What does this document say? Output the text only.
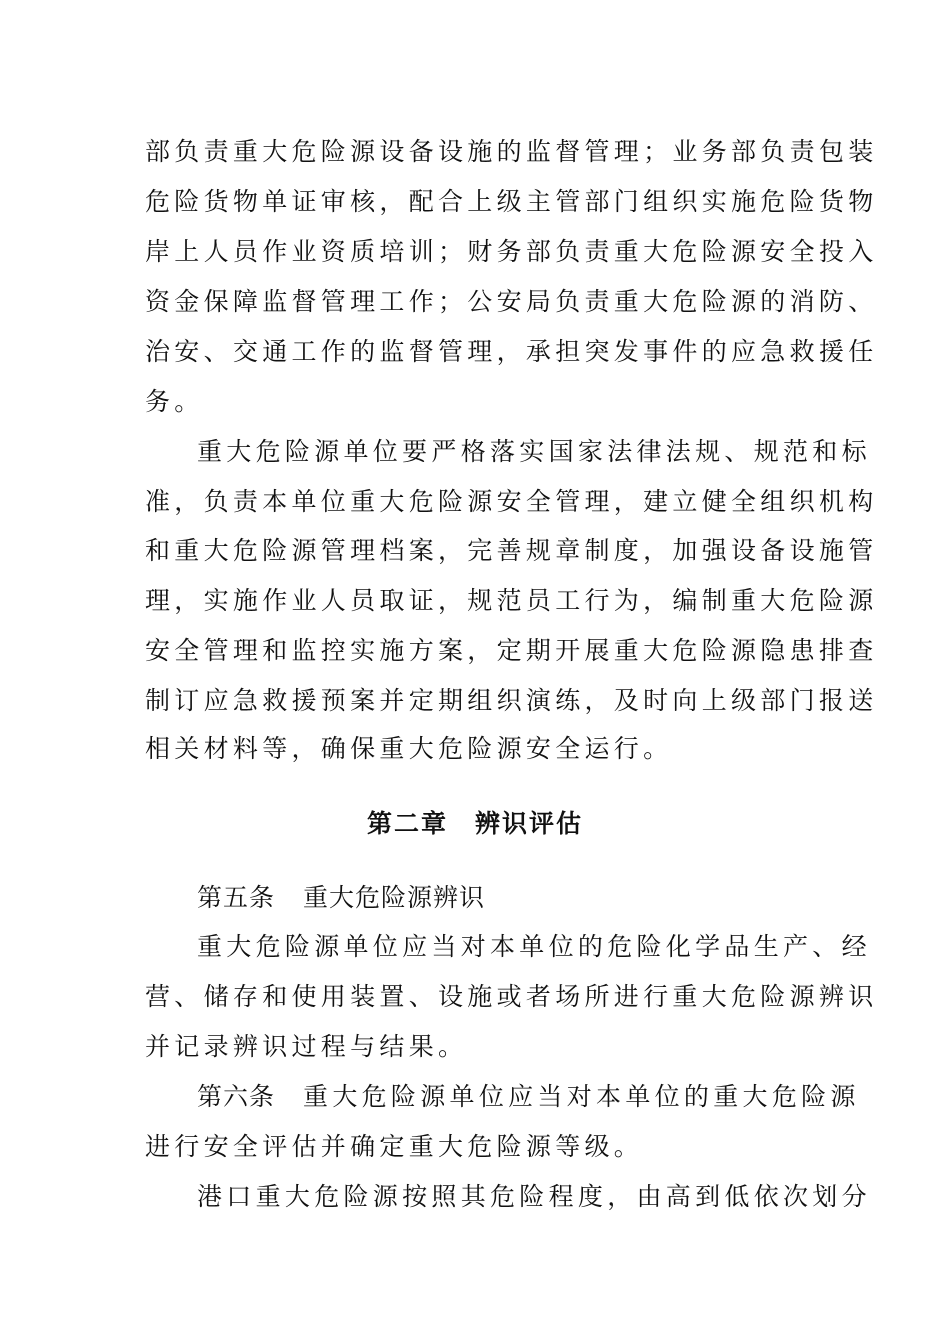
部负责重大危险源设备设施的监督管理；业务部负责包装
危险货物单证审核，配合上级主管部门组织实施危险货物
岸上人员作业资质培训；财务部负责重大危险源安全投入
资金保障监督管理工作；公安局负责重大危险源的消防、
治安、交通工作的监督管理，承担突发事件的应急救援任
务。
重大危险源单位要严格落实国家法律法规、规范和标
准，负责本单位重大危险源安全管理，建立健全组织机构
和重大危险源管理档案，完善规章制度，加强设备设施管
理，实施作业人员取证，规范员工行为，编制重大危险源
安全管理和监控实施方案，定期开展重大危险源隐患排查
制订应急救援预案并定期组织演练，及时向上级部门报送
相关材料等，确保重大危险源安全运行。
第二章　辨识评估
第五条 重大危险源辨识
重大危险源单位应当对本单位的危险化学品生产、经
营、储存和使用装置、设施或者场所进行重大危险源辨识
并记录辨识过程与结果。
第六条 重大危险源单位应当对本单位的重大危险源
进行安全评估并确定重大危险源等级。
港口重大危险源按照其危险程度，由高到低依次划分
